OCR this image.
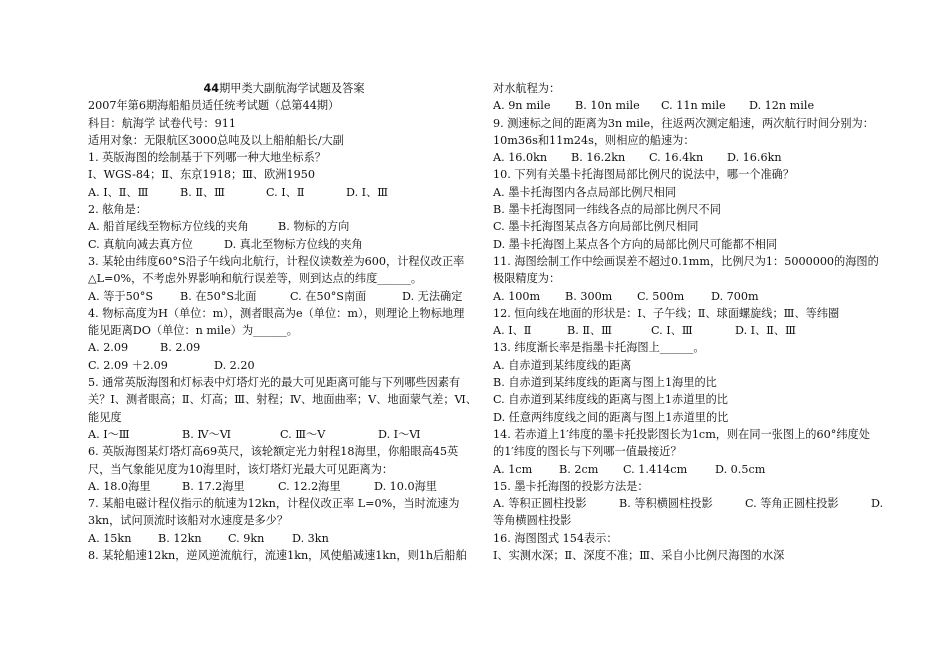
44期甲类大副航海学试题及答案
2007年第6期海船船员适任统考试题（总第44期）
科目：航海学 试卷代号：911
适用对象：无限航区3000总吨及以上船舶船长/大副
1. 英版海图的绘制基于下列哪一种大地坐标系？
Ⅰ、WGS-84；Ⅱ、东京1918；Ⅲ、欧洲1950
A. Ⅰ、Ⅱ、Ⅲ	B. Ⅱ、Ⅲ	C. Ⅰ、Ⅱ	D. Ⅰ、Ⅲ
2. 舷角是：
A. 船首尾线至物标方位线的夹角	B. 物标的方向
C. 真航向减去真方位	D. 真北至物标方位线的夹角
3. 某轮由纬度60°S沿子午线向北航行，计程仪读数差为600，计程仪改正率
△L=0%，不考虑外界影响和航行误差等，则到达点的纬度______。
A. 等于50°S	B. 在50°S北面	C. 在50°S南面	D. 无法确定
4. 物标高度为H（单位：m），测者眼高为e（单位：m），则理论上物标地理
能见距离DO（单位：n mile）为______。
A. 2.09	B. 2.09
C. 2.09 ＋2.09	D. 2.20
5. 通常英版海图和灯标表中灯塔灯光的最大可见距离可能与下列哪些因素有
关？Ⅰ、测者眼高；Ⅱ、灯高；Ⅲ、射程；Ⅳ、地面曲率；Ⅴ、地面蒙气差；Ⅵ、
能见度
A. Ⅰ～Ⅲ	B. Ⅳ～Ⅵ	C. Ⅲ～Ⅴ	D. Ⅰ～Ⅵ
6. 英版海图某灯塔灯高69英尺，该轮额定光力射程18海里，你船眼高45英
尺，当气象能见度为10海里时，该灯塔灯光最大可见距离为：
A. 18.0海里	B. 17.2海里	C. 12.2海里	D. 10.0海里
7. 某船电磁计程仪指示的航速为12kn，计程仪改正率 L=0%，当时流速为
3kn，试问顶流时该船对水速度是多少？
A. 15kn	B. 12kn	C. 9kn	D. 3kn
8. 某轮船速12kn，逆风逆流航行，流速1kn，风使船减速1kn，则1h后船舶
对水航程为：
A. 9n mile	B. 10n mile	C. 11n mile	D. 12n mile
9. 测速标之间的距离为3n mile，往返两次测定船速，两次航行时间分别为：
10m36s和11m24s，则相应的船速为：
A. 16.0kn	B. 16.2kn	C. 16.4kn	D. 16.6kn
10. 下列有关墨卡托海图局部比例尺的说法中，哪一个准确？
A. 墨卡托海图内各点局部比例尺相同
B. 墨卡托海图同一纬线各点的局部比例尺不同
C. 墨卡托海图某点各方向局部比例尺相同
D. 墨卡托海图上某点各个方向的局部比例尺可能都不相同
11. 海图绘制工作中绘画误差不超过0.1mm，比例尺为1：5000000的海图的
极限精度为：
A. 100m	B. 300m	C. 500m	D. 700m
12. 恒向线在地面的形状是：Ⅰ、子午线；Ⅱ、球面螺旋线；Ⅲ、等纬圈
A. Ⅰ、Ⅱ	B. Ⅱ、Ⅲ	C. Ⅰ、Ⅲ	D. Ⅰ、Ⅱ、Ⅲ
13. 纬度渐长率是指墨卡托海图上______。
A. 自赤道到某纬度线的距离
B. 自赤道到某纬度线的距离与图上1海里的比
C. 自赤道到某纬度线的距离与图上1赤道里的比
D. 任意两纬度线之间的距离与图上1赤道里的比
14. 若赤道上1′纬度的墨卡托投影图长为1cm，则在同一张图上的60°纬度处
的1′纬度的图长与下列哪一值最接近？
A. 1cm	B. 2cm	C. 1.414cm	D. 0.5cm
15. 墨卡托海图的投影方法是：
A. 等积正圆柱投影	B. 等积横圆柱投影	C. 等角正圆柱投影	D.
等角横圆柱投影
16. 海图图式 154表示：
Ⅰ、实测水深；Ⅱ、深度不准；Ⅲ、采自小比例尺海图的水深
